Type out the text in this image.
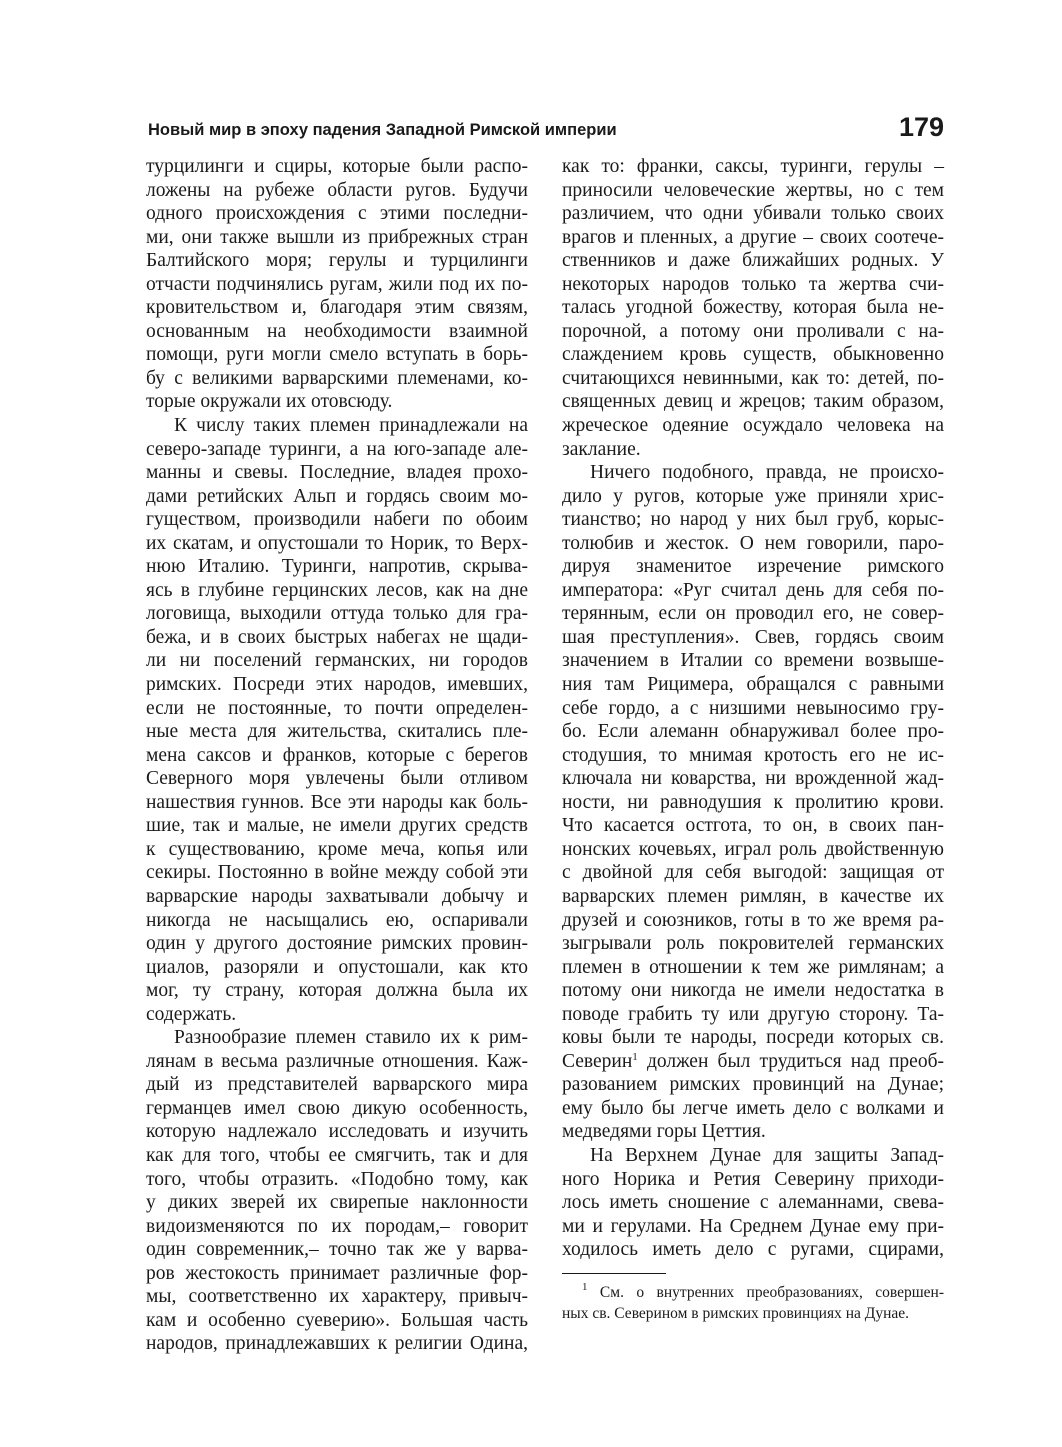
Новый мир в эпоху падения Западной Римской империи	179
турцилинги и сциры, которые были распо-
ложены на рубеже области ругов. Будучи
одного происхождения с этими последни-
ми, они также вышли из прибрежных стран
Балтийского моря; герулы и турцилинги
отчасти подчинялись ругам, жили под их по-
кровительством и, благодаря этим связям,
основанным на необходимости взаимной
помощи, руги могли смело вступать в борь-
бу с великими варварскими племенами, ко-
торые окружали их отовсюду.
К числу таких племен принадлежали на
северо-западе туринги, а на юго-западе але-
манны и свевы. Последние, владея прохо-
дами ретийских Альп и гордясь своим мо-
гуществом, производили набеги по обоим
их скатам, и опустошали то Норик, то Верх-
нюю Италию. Туринги, напротив, скрыва-
ясь в глубине герцинских лесов, как на дне
логовища, выходили оттуда только для гра-
бежа, и в своих быстрых набегах не щади-
ли ни поселений германских, ни городов
римских. Посреди этих народов, имевших,
если не постоянные, то почти определен-
ные места для жительства, скитались пле-
мена саксов и франков, которые с берегов
Северного моря увлечены были отливом
нашествия гуннов. Все эти народы как боль-
шие, так и малые, не имели других средств
к существованию, кроме меча, копья или
секиры. Постоянно в войне между собой эти
варварские народы захватывали добычу и
никогда не насыщались ею, оспаривали
один у другого достояние римских провин-
циалов, разоряли и опустошали, как кто
мог, ту страну, которая должна была их
содержать.
Разнообразие племен ставило их к рим-
лянам в весьма различные отношения. Каж-
дый из представителей варварского мира
германцев имел свою дикую особенность,
которую надлежало исследовать и изучить
как для того, чтобы ее смягчить, так и для
того, чтобы отразить. «Подобно тому, как
у диких зверей их свирепые наклонности
видоизменяются по их породам,– говорит
один современник,– точно так же у варва-
ров жестокость принимает различные фор-
мы, соответственно их характеру, привыч-
кам и особенно суеверию». Большая часть
народов, принадлежавших к религии Одина,
как то: франки, саксы, туринги, герулы –
приносили человеческие жертвы, но с тем
различием, что одни убивали только своих
врагов и пленных, а другие – своих соотече-
ственников и даже ближайших родных. У
некоторых народов только та жертва счи-
талась угодной божеству, которая была не-
порочной, а потому они проливали с на-
слаждением кровь существ, обыкновенно
считающихся невинными, как то: детей, по-
священных девиц и жрецов; таким образом,
жреческое одеяние осуждало человека на
заклание.
Ничего подобного, правда, не происхо-
дило у ругов, которые уже приняли хрис-
тианство; но народ у них был груб, корыс-
толюбив и жесток. О нем говорили, паро-
дируя знаменитое изречение римского
императора: «Руг считал день для себя по-
терянным, если он проводил его, не совер-
шая преступления». Свев, гордясь своим
значением в Италии со времени возвыше-
ния там Рицимера, обращался с равными
себе гордо, а с низшими невыносимо гру-
бо. Если алеманн обнаруживал более про-
стодушия, то мнимая кротость его не ис-
ключала ни коварства, ни врожденной жад-
ности, ни равнодушия к пролитию крови.
Что касается остгота, то он, в своих пан-
нонских кочевьях, играл роль двойственную
с двойной для себя выгодой: защищая от
варварских племен римлян, в качестве их
друзей и союзников, готы в то же время ра-
зыгрывали роль покровителей германских
племен в отношении к тем же римлянам; а
потому они никогда не имели недостатка в
поводе грабить ту или другую сторону. Та-
ковы были те народы, посреди которых св.
Северин$^1$ должен был трудиться над преоб-
разованием римских провинций на Дунае;
ему было бы легче иметь дело с волками и
медведями горы Цеттия.
На Верхнем Дунае для защиты Запад-
ного Норика и Ретия Северину приходи-
лось иметь сношение с алеманнами, свева-
ми и герулами. На Среднем Дунае ему при-
ходилось иметь дело с ругами, сцирами,
$^1$ См. о внутренних преобразованиях, совершен-
ных св. Северином в римских провинциях на Дунае.
